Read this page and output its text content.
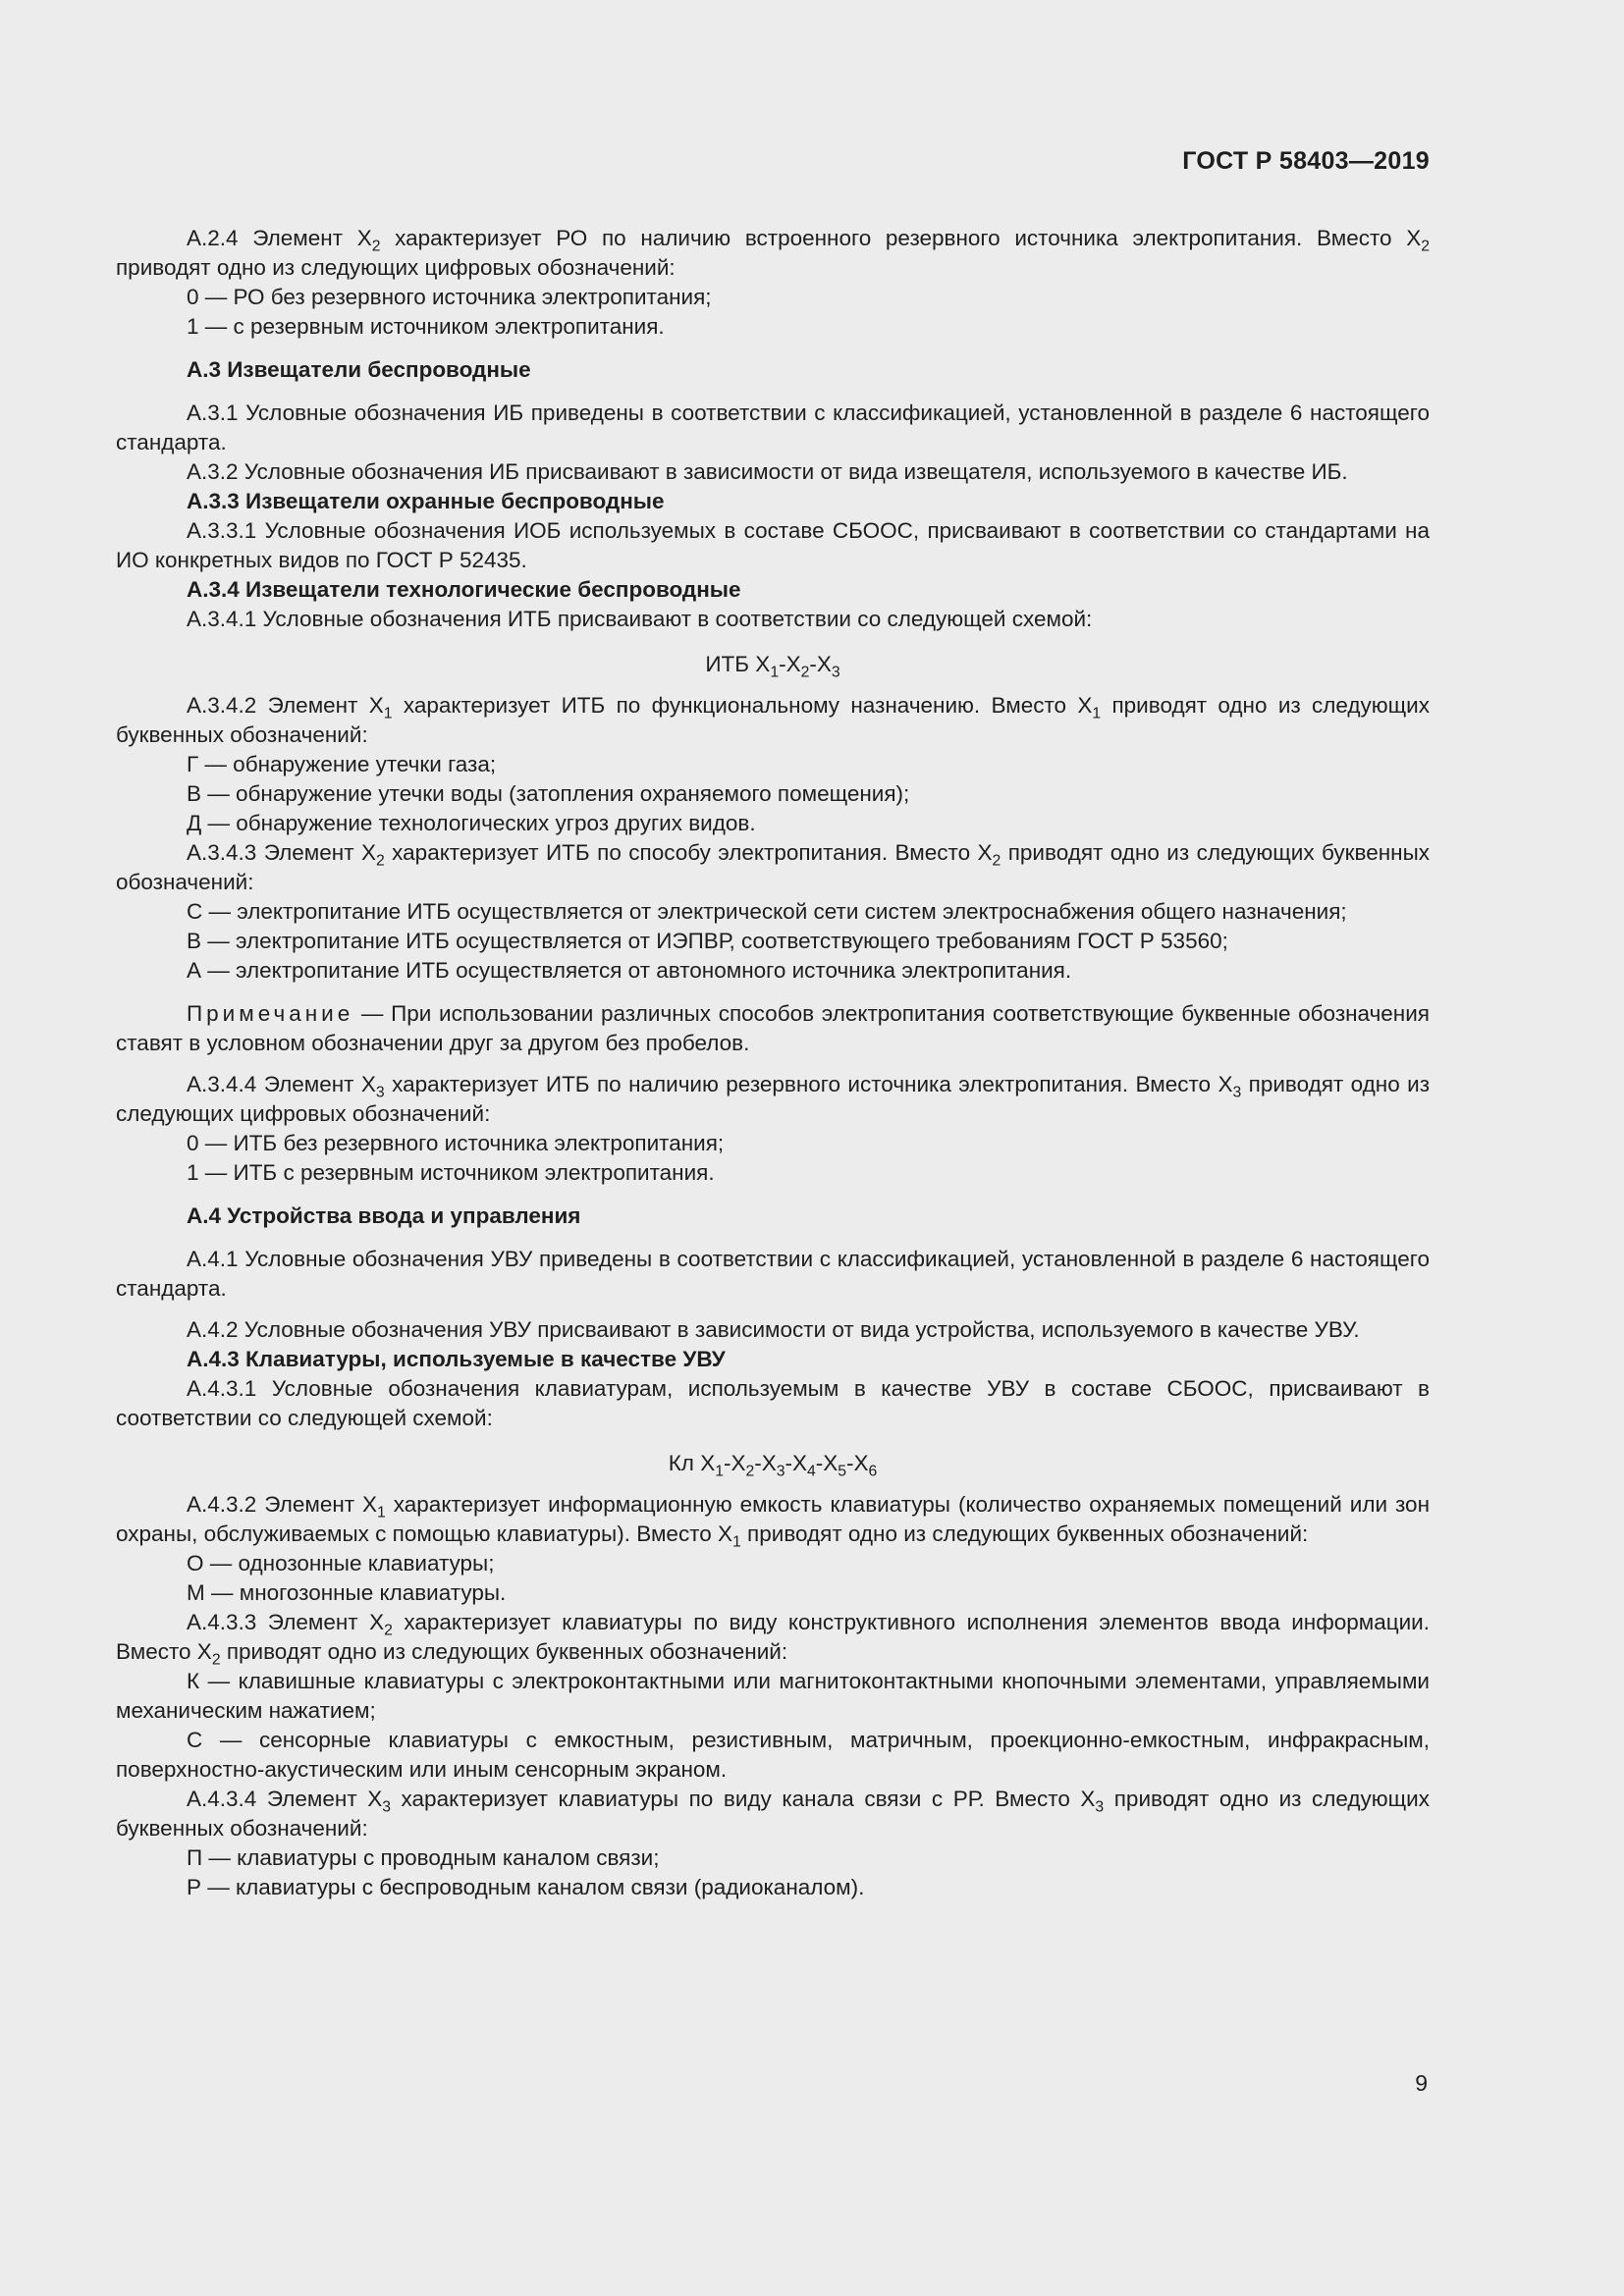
ГОСТ Р 58403—2019

А.2.4 Элемент $X_2$ характеризует РО по наличию встроенного резервного источника электропитания. Вместо $X_2$ приводят одно из следующих цифровых обозначений:

0 — РО без резервного источника электропитания;

1 — с резервным источником электропитания.

А.3 Извещатели беспроводные

А.3.1 Условные обозначения ИБ приведены в соответствии с классификацией, установленной в разделе 6 настоящего стандарта.

А.3.2 Условные обозначения ИБ присваивают в зависимости от вида извещателя, используемого в качестве ИБ.

А.3.3 Извещатели охранные беспроводные

А.3.3.1 Условные обозначения ИОБ используемых в составе СБООС, присваивают в соответствии со стандартами на ИО конкретных видов по ГОСТ Р 52435.

А.3.4 Извещатели технологические беспроводные

А.3.4.1 Условные обозначения ИТБ присваивают в соответствии со следующей схемой:

ИТБ $X_1-X_2-X_3$

А.3.4.2 Элемент $X_1$ характеризует ИТБ по функциональному назначению. Вместо $X_1$ приводят одно из следующих буквенных обозначений:

Г — обнаружение утечки газа;

В — обнаружение утечки воды (затопления охраняемого помещения);

Д — обнаружение технологических угроз других видов.

А.3.4.3 Элемент $X_2$ характеризует ИТБ по способу электропитания. Вместо $X_2$ приводят одно из следующих буквенных обозначений:

С — электропитание ИТБ осуществляется от электрической сети систем электроснабжения общего назначения;

В — электропитание ИТБ осуществляется от ИЭПВР, соответствующего требованиям ГОСТ Р 53560;

А — электропитание ИТБ осуществляется от автономного источника электропитания.

Примечание — При использовании различных способов электропитания соответствующие буквенные обозначения ставят в условном обозначении друг за другом без пробелов.

А.3.4.4 Элемент $X_3$ характеризует ИТБ по наличию резервного источника электропитания. Вместо $X_3$ приводят одно из следующих цифровых обозначений:

0 — ИТБ без резервного источника электропитания;

1 — ИТБ с резервным источником электропитания.

А.4 Устройства ввода и управления

А.4.1 Условные обозначения УВУ приведены в соответствии с классификацией, установленной в разделе 6 настоящего стандарта.

А.4.2 Условные обозначения УВУ присваивают в зависимости от вида устройства, используемого в качестве УВУ.

А.4.3 Клавиатуры, используемые в качестве УВУ

А.4.3.1 Условные обозначения клавиатурам, используемым в качестве УВУ в составе СБООС, присваивают в соответствии со следующей схемой:

Кл $X_1-X_2-X_3-X_4-X_5-X_6$

А.4.3.2 Элемент $X_1$ характеризует информационную емкость клавиатуры (количество охраняемых помещений или зон охраны, обслуживаемых с помощью клавиатуры). Вместо $X_1$ приводят одно из следующих буквенных обозначений:

О — однозонные клавиатуры;

М — многозонные клавиатуры.

А.4.3.3 Элемент $X_2$ характеризует клавиатуры по виду конструктивного исполнения элементов ввода информации. Вместо $X_2$ приводят одно из следующих буквенных обозначений:

К — клавишные клавиатуры с электроконтактными или магнитоконтактными кнопочными элементами, управляемыми механическим нажатием;

С — сенсорные клавиатуры с емкостным, резистивным, матричным, проекционно-емкостным, инфракрасным, поверхностно-акустическим или иным сенсорным экраном.

А.4.3.4 Элемент $X_3$ характеризует клавиатуры по виду канала связи с РР. Вместо $X_3$ приводят одно из следующих буквенных обозначений:

П — клавиатуры с проводным каналом связи;

Р — клавиатуры с беспроводным каналом связи (радиоканалом).

9
